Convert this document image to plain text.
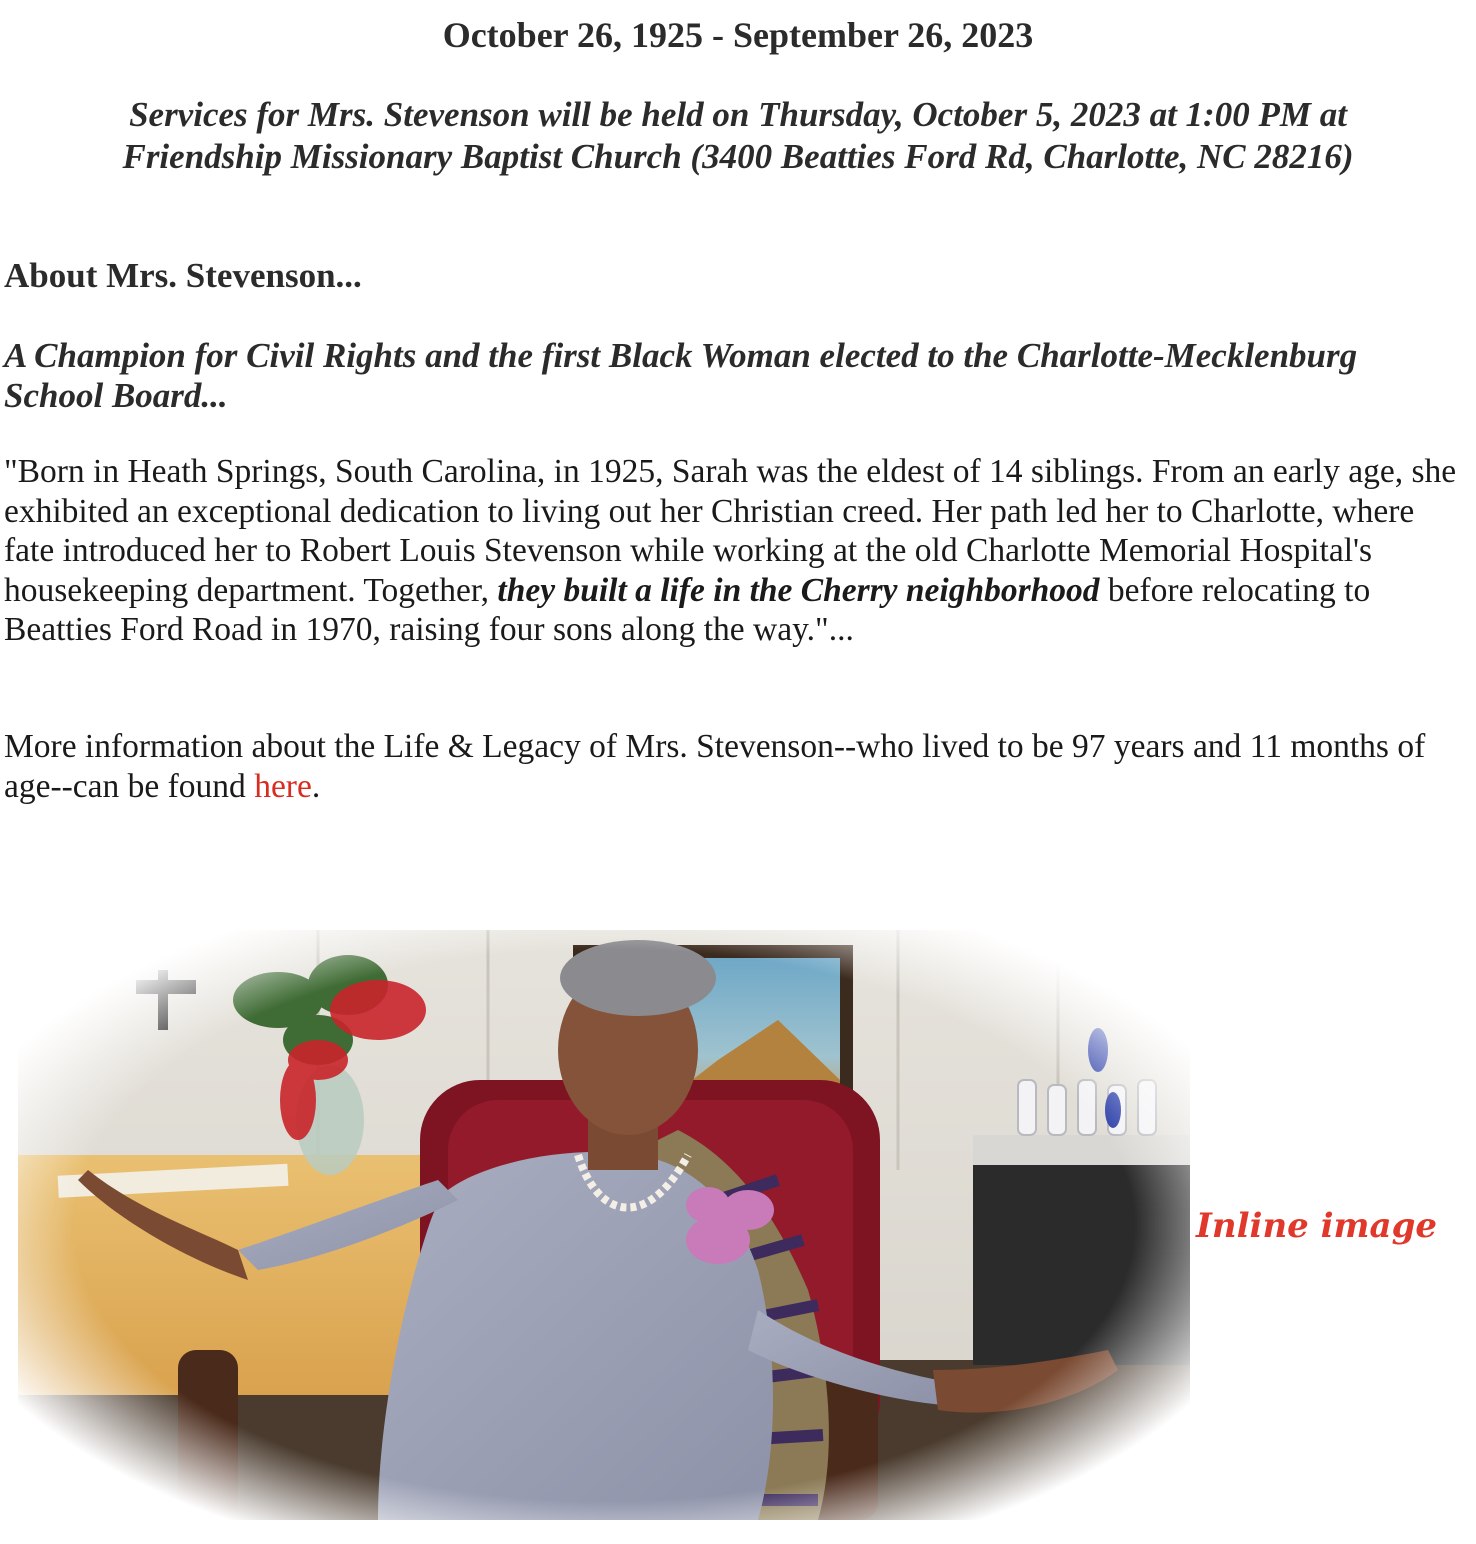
October 26, 1925 - September 26, 2023
Services for Mrs. Stevenson will be held on Thursday, October 5, 2023 at 1:00 PM at
Friendship Missionary Baptist Church (3400 Beatties Ford Rd, Charlotte, NC 28216)
About Mrs. Stevenson...
A Champion for Civil Rights and the first Black Woman elected to the Charlotte-Mecklenburg School Board...
"Born in Heath Springs, South Carolina, in 1925, Sarah was the eldest of 14 siblings. From an early age, she exhibited an exceptional dedication to living out her Christian creed. Her path led her to Charlotte, where fate introduced her to Robert Louis Stevenson while working at the old Charlotte Memorial Hospital's housekeeping department. Together, they built a life in the Cherry neighborhood before relocating to Beatties Ford Road in 1970, raising four sons along the way."...
More information about the Life & Legacy of Mrs. Stevenson--who lived to be 97 years and 11 months of age--can be found here.
Inline image
